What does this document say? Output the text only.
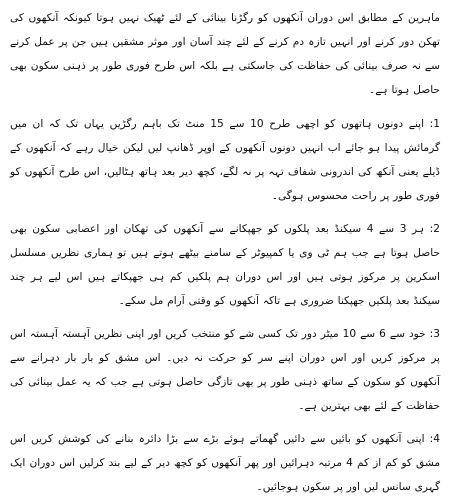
ماہرین کے مطابق اس دوران آنکھوں کو رگڑنا بینائی کے لئے ٹھیک نہیں ہوتا کیونکہ آنکھوں کی تھکن دور کرنے اور انہیں تازہ دم کرنے کے لئے چند آسان اور موثر مشقیں ہیں جن پر عمل کرنے سے نہ صرف بینائی کی حفاظت کی جاسکتی ہے بلکہ اس طرح فوری طور پر ذہنی سکون بھی حاصل ہوتا ہے۔

1: اپنے دونوں ہاتھوں کو اچھی طرح 10 سے 15 منٹ تک باہم رگڑیں یہاں تک کہ ان میں گرمائش پیدا ہو جائے اب انہیں دونوں آنکھوں کے اوپر ڈھانپ لیں لیکن خیال رہے کہ آنکھوں کے ڈیلے یعنی آنکھ کی اندرونی شفاف تہہ پر نہ لگے، کچھ دیر بعد ہاتھ ہٹالیں، اس طرح آنکھوں کو فوری طور پر راحت محسوس ہوگی۔

2: ہر 3 سے 4 سیکنڈ بعد پلکوں کو جھپکانے سے آنکھوں کی تھکان اور اعصابی سکون بھی حاصل ہوتا ہے جب ہم ٹی وی یا کمپیوٹر کے سامنے بیٹھے ہوتے ہیں تو ہماری نظریں مسلسل اسکرین پر مرکوز ہوتی ہیں اور اس دوران ہم پلکیں کم ہی جھپکاتے ہیں اس لیے ہر چند سیکنڈ بعد پلکیں جھپکنا ضروری ہے تاکہ آنکھوں کو وقتی آرام مل سکے۔

3: خود سے 6 سے 10 میٹر دور تک کسی شے کو منتخب کریں اور اپنی نظریں آہستہ آہستہ اس پر مرکوز کریں اور اس دوران اپنے سر کو حرکت نہ دیں۔ اس مشق کو بار بار دہرانے سے آنکھوں کو سکون کے ساتھ ذہنی طور پر بھی تازگی حاصل ہوتی ہے جب کہ یہ عمل بینائی کی حفاظت کے لئے بھی بہترین ہے۔

4: اپنی آنکھوں کو بائیں سے دائیں گھماتے ہوئے بڑے سے بڑا دائرہ بنانے کی کوشش کریں اس مشق کو کم از کم 4 مرتبہ دہرائیں اور پھر آنکھوں کو کچھ دیر کے لیے بند کرلیں اس دوران ایک گہری سانس لیں اور پر سکون ہوجائیں۔
